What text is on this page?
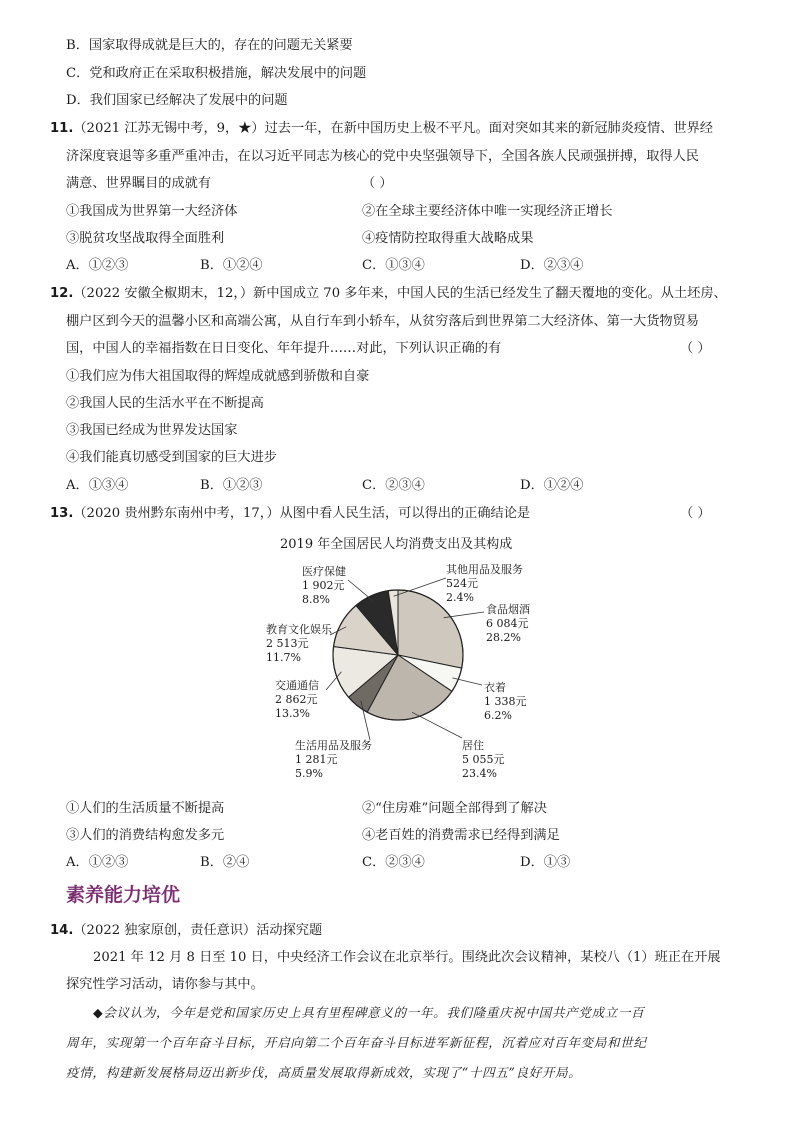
B．国家取得成就是巨大的，存在的问题无关紧要
C．党和政府正在采取积极措施，解决发展中的问题
D．我们国家已经解决了发展中的问题
11.（2021 江苏无锡中考，9，★）过去一年，在新中国历史上极不平凡。面对突如其来的新冠肺炎疫情、世界经
济深度衰退等多重严重冲击，在以习近平同志为核心的党中央坚强领导下，全国各族人民顽强拼搏，取得人民
满意、世界瞩目的成就有	（ ）
①我国成为世界第一大经济体	②在全球主要经济体中唯一实现经济正增长
③脱贫攻坚战取得全面胜利	④疫情防控取得重大战略成果
A．①②③	B．①②④	C．①③④	D．②③④
12.（2022 安徽全椒期末，12，）新中国成立 70 多年来，中国人民的生活已经发生了翻天覆地的变化。从土坯房、
棚户区到今天的温馨小区和高端公寓，从自行车到小轿车，从贫穷落后到世界第二大经济体、第一大货物贸易
国，中国人的幸福指数在日日变化、年年提升……对此，下列认识正确的有	（ ）
①我们应为伟大祖国取得的辉煌成就感到骄傲和自豪
②我国人民的生活水平在不断提高
③我国已经成为世界发达国家
④我们能真切感受到国家的巨大进步
A．①③④	B．①②③	C．②③④	D．①②④
13.（2020 贵州黔东南州中考，17，）从图中看人民生活，可以得出的正确结论是	（ ）
2019 年全国居民人均消费支出及其构成
医疗保健
1 902元
8.8%
其他用品及服务
524元
2.4%
食品烟酒
6 084元
28.2%
教育文化娱乐
2 513元
11.7%
交通通信
2 862元
13.3%
衣着
1 338元
6.2%
生活用品及服务
1 281元
5.9%
居住
5 055元
23.4%
①人们的生活质量不断提高	②“住房难”问题全部得到了解决
③人们的消费结构愈发多元	④老百姓的消费需求已经得到满足
A．①②③	B．②④	C．②③④	D．①③
素养能力培优
14.（2022 独家原创，责任意识）活动探究题
2021 年 12 月 8 日至 10 日，中央经济工作会议在北京举行。围绕此次会议精神，某校八（1）班正在开展
探究性学习活动，请你参与其中。
◆会议认为，今年是党和国家历史上具有里程碑意义的一年。我们隆重庆祝中国共产党成立一百
周年，实现第一个百年奋斗目标，开启向第二个百年奋斗目标进军新征程，沉着应对百年变局和世纪
疫情，构建新发展格局迈出新步伐，高质量发展取得新成效，实现了“十四五”良好开局。
